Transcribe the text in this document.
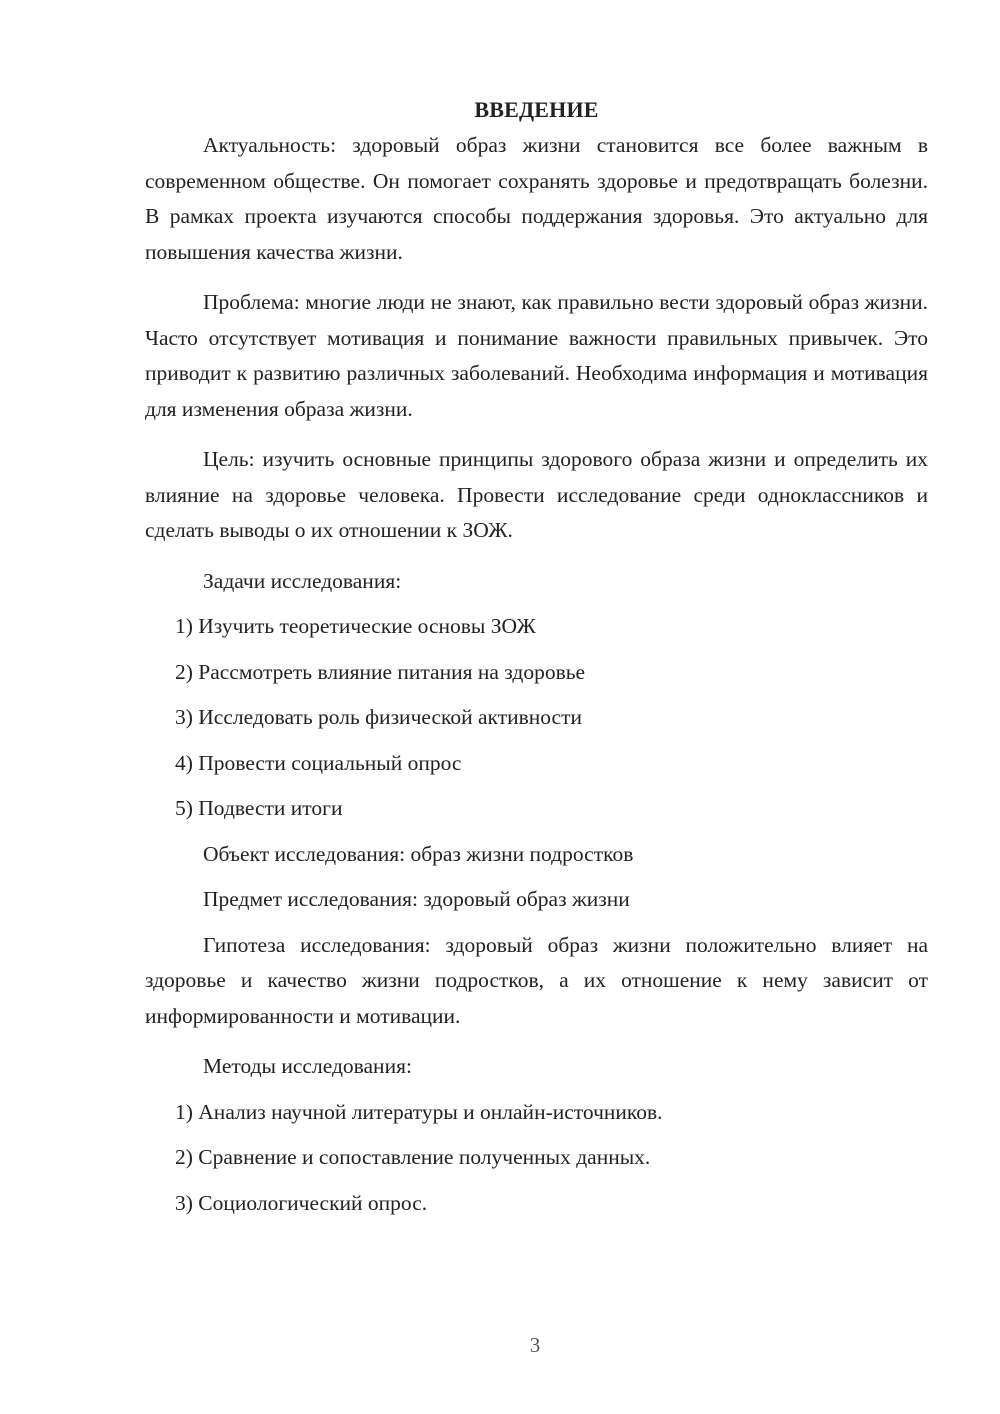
ВВЕДЕНИЕ

Актуальность: здоровый образ жизни становится все более важным в современном обществе. Он помогает сохранять здоровье и предотвращать болезни. В рамках проекта изучаются способы поддержания здоровья. Это актуально для повышения качества жизни.

Проблема: многие люди не знают, как правильно вести здоровый образ жизни. Часто отсутствует мотивация и понимание важности правильных привычек. Это приводит к развитию различных заболеваний. Необходима информация и мотивация для изменения образа жизни.

Цель: изучить основные принципы здорового образа жизни и определить их влияние на здоровье человека. Провести исследование среди одноклассников и сделать выводы о их отношении к ЗОЖ.

Задачи исследования:

1) Изучить теоретические основы ЗОЖ

2) Рассмотреть влияние питания на здоровье

3) Исследовать роль физической активности

4) Провести социальный опрос

5) Подвести итоги

Объект исследования: образ жизни подростков

Предмет исследования: здоровый образ жизни

Гипотеза исследования: здоровый образ жизни положительно влияет на здоровье и качество жизни подростков, а их отношение к нему зависит от информированности и мотивации.

Методы исследования:

1) Анализ научной литературы и онлайн-источников.

2) Сравнение и сопоставление полученных данных.

3) Социологический опрос.

3
